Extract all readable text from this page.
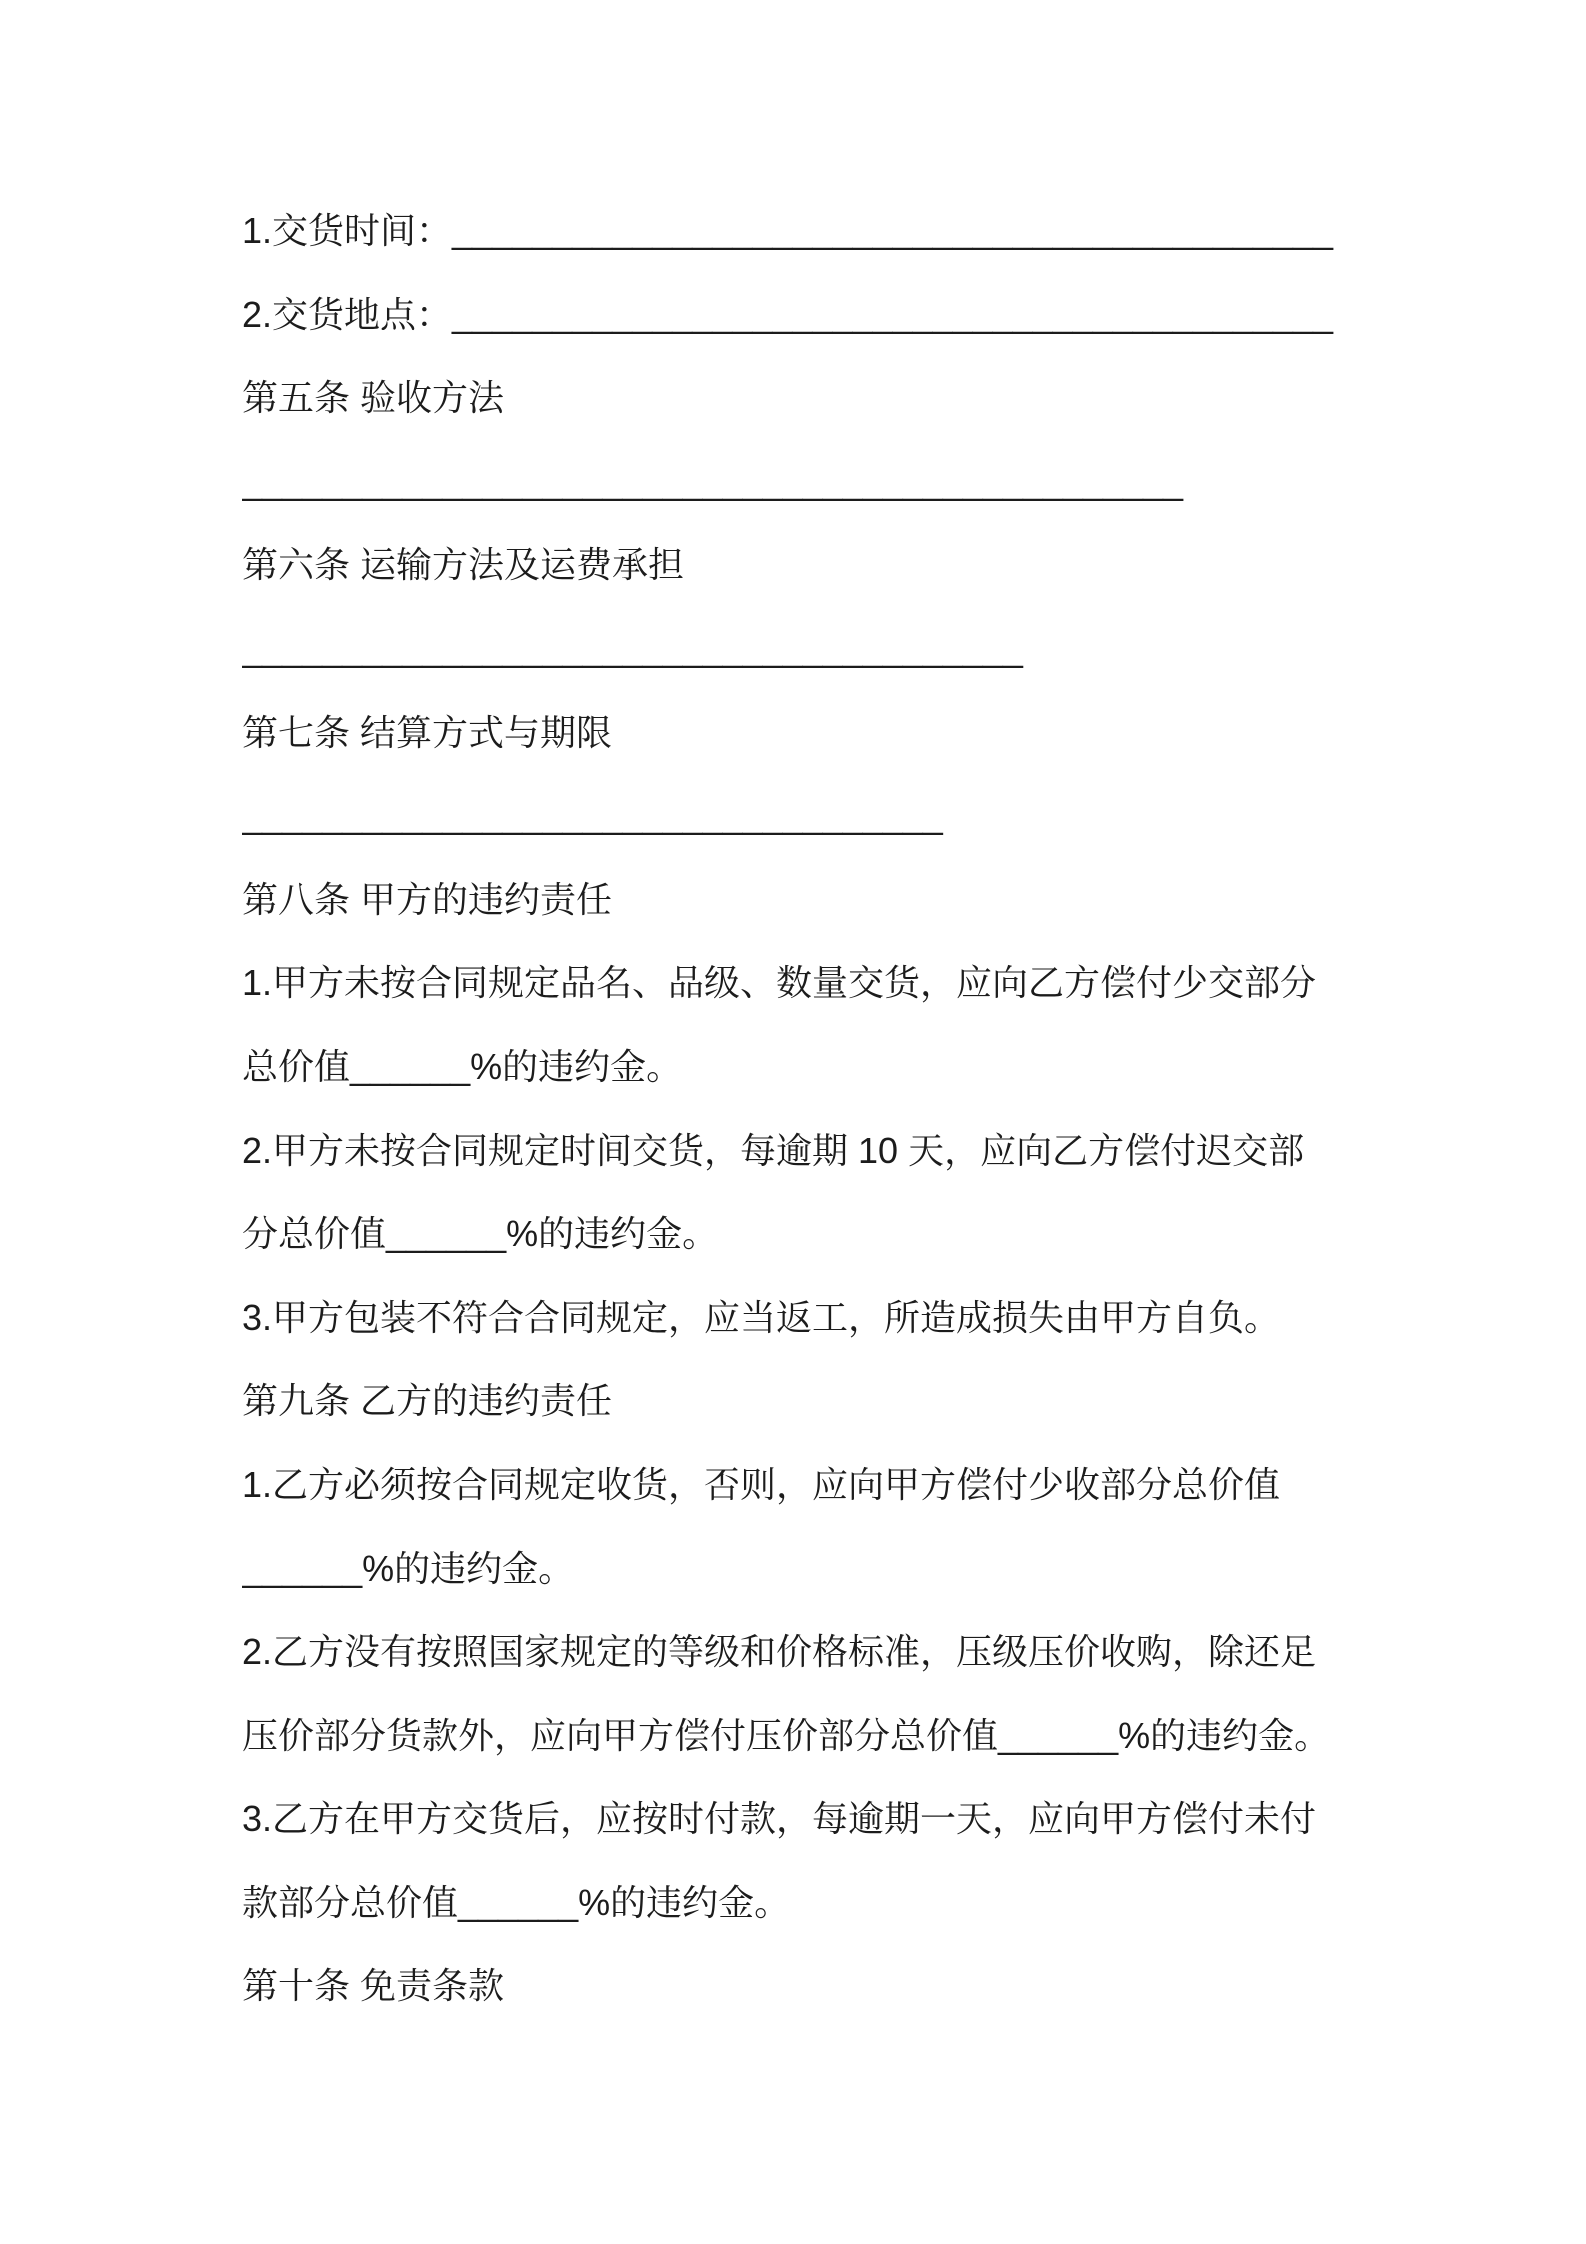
1.交货时间：____________________________________________
2.交货地点：____________________________________________
第五条 验收方法
_______________________________________________
第六条 运输方法及运费承担
_______________________________________
第七条 结算方式与期限
___________________________________
第八条 甲方的违约责任
1.甲方未按合同规定品名、品级、数量交货，应向乙方偿付少交部分
总价值______%的违约金。
2.甲方未按合同规定时间交货，每逾期 10 天，应向乙方偿付迟交部
分总价值______%的违约金。
3.甲方包装不符合合同规定，应当返工，所造成损失由甲方自负。
第九条 乙方的违约责任
1.乙方必须按合同规定收货，否则，应向甲方偿付少收部分总价值
______%的违约金。
2.乙方没有按照国家规定的等级和价格标准，压级压价收购，除还足
压价部分货款外，应向甲方偿付压价部分总价值______%的违约金。
3.乙方在甲方交货后，应按时付款，每逾期一天，应向甲方偿付未付
款部分总价值______%的违约金。
第十条 免责条款
